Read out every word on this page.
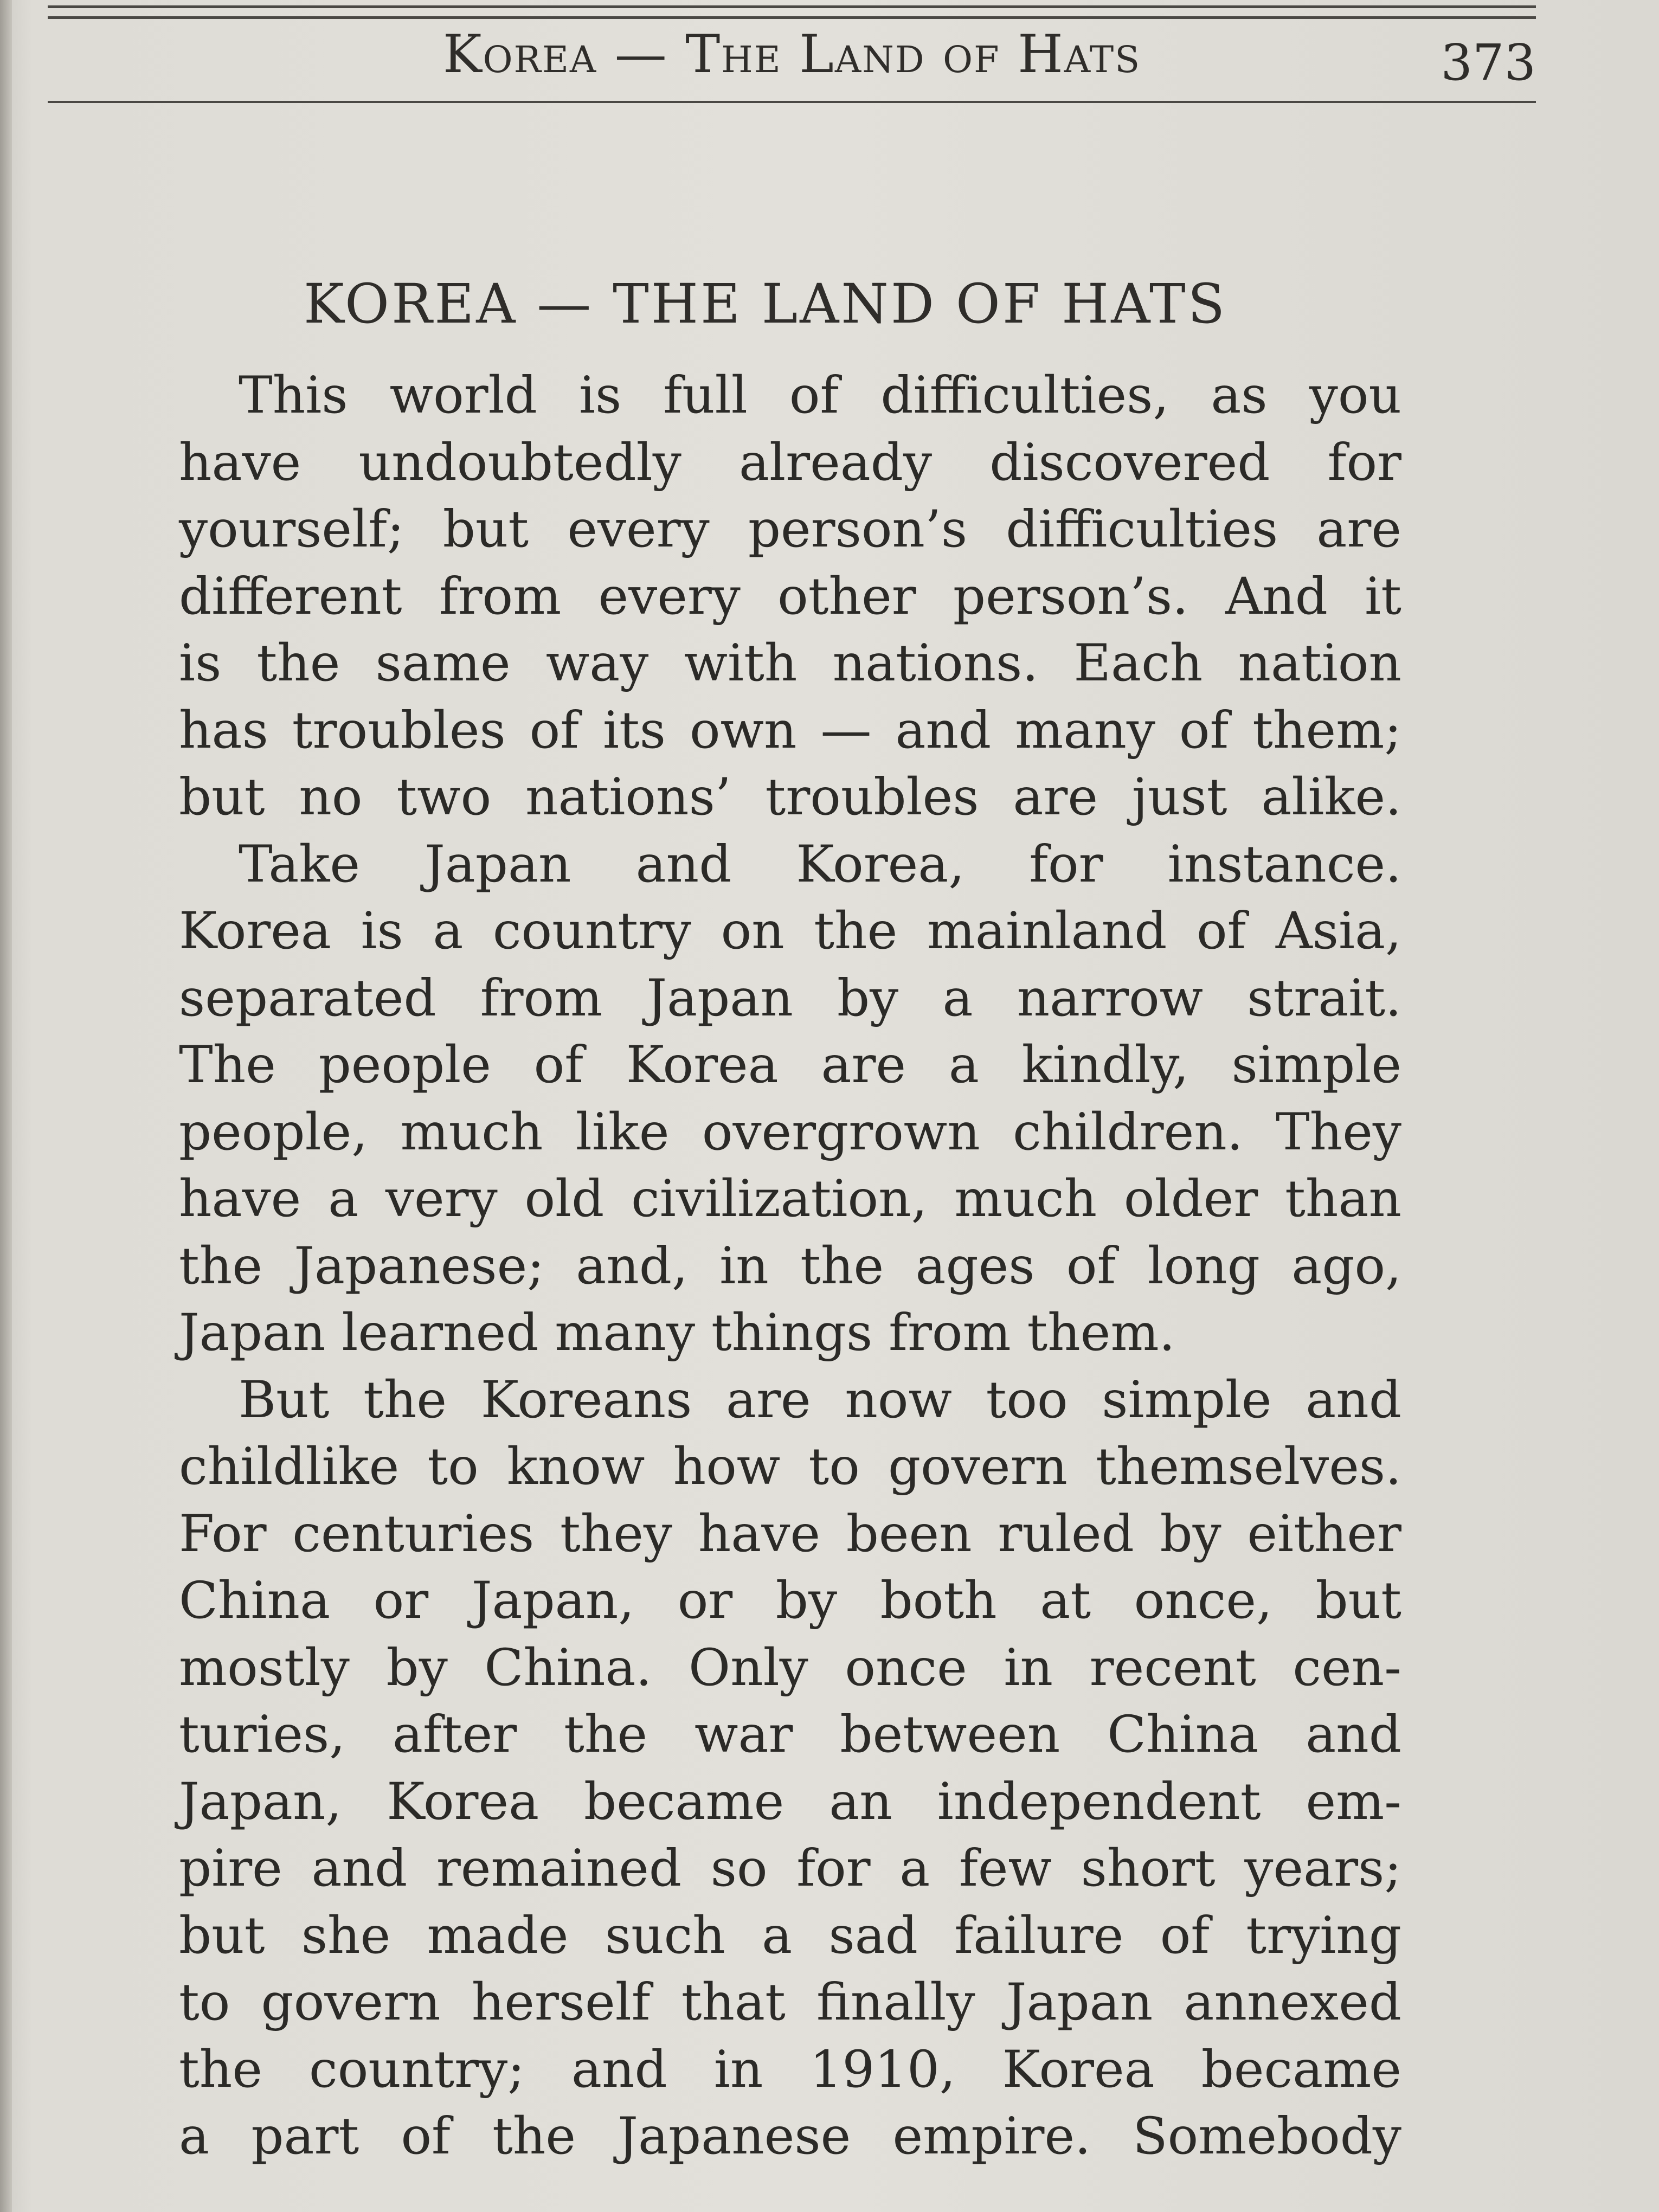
Korea — The Land of Hats	373
KOREA — THE LAND OF HATS
This world is full of difficulties, as you
have undoubtedly already discovered for
yourself; but every person’s difficulties are
different from every other person’s. And it
is the same way with nations. Each nation
has troubles of its own — and many of them;
but no two nations’ troubles are just alike.
Take Japan and Korea, for instance.
Korea is a country on the mainland of Asia,
separated from Japan by a narrow strait.
The people of Korea are a kindly, simple
people, much like overgrown children. They
have a very old civilization, much older than
the Japanese; and, in the ages of long ago,
Japan learned many things from them.
But the Koreans are now too simple and
childlike to know how to govern themselves.
For centuries they have been ruled by either
China or Japan, or by both at once, but
mostly by China. Only once in recent cen-
turies, after the war between China and
Japan, Korea became an independent em-
pire and remained so for a few short years;
but she made such a sad failure of trying
to govern herself that finally Japan annexed
the country; and in 1910, Korea became
a part of the Japanese empire. Somebody
